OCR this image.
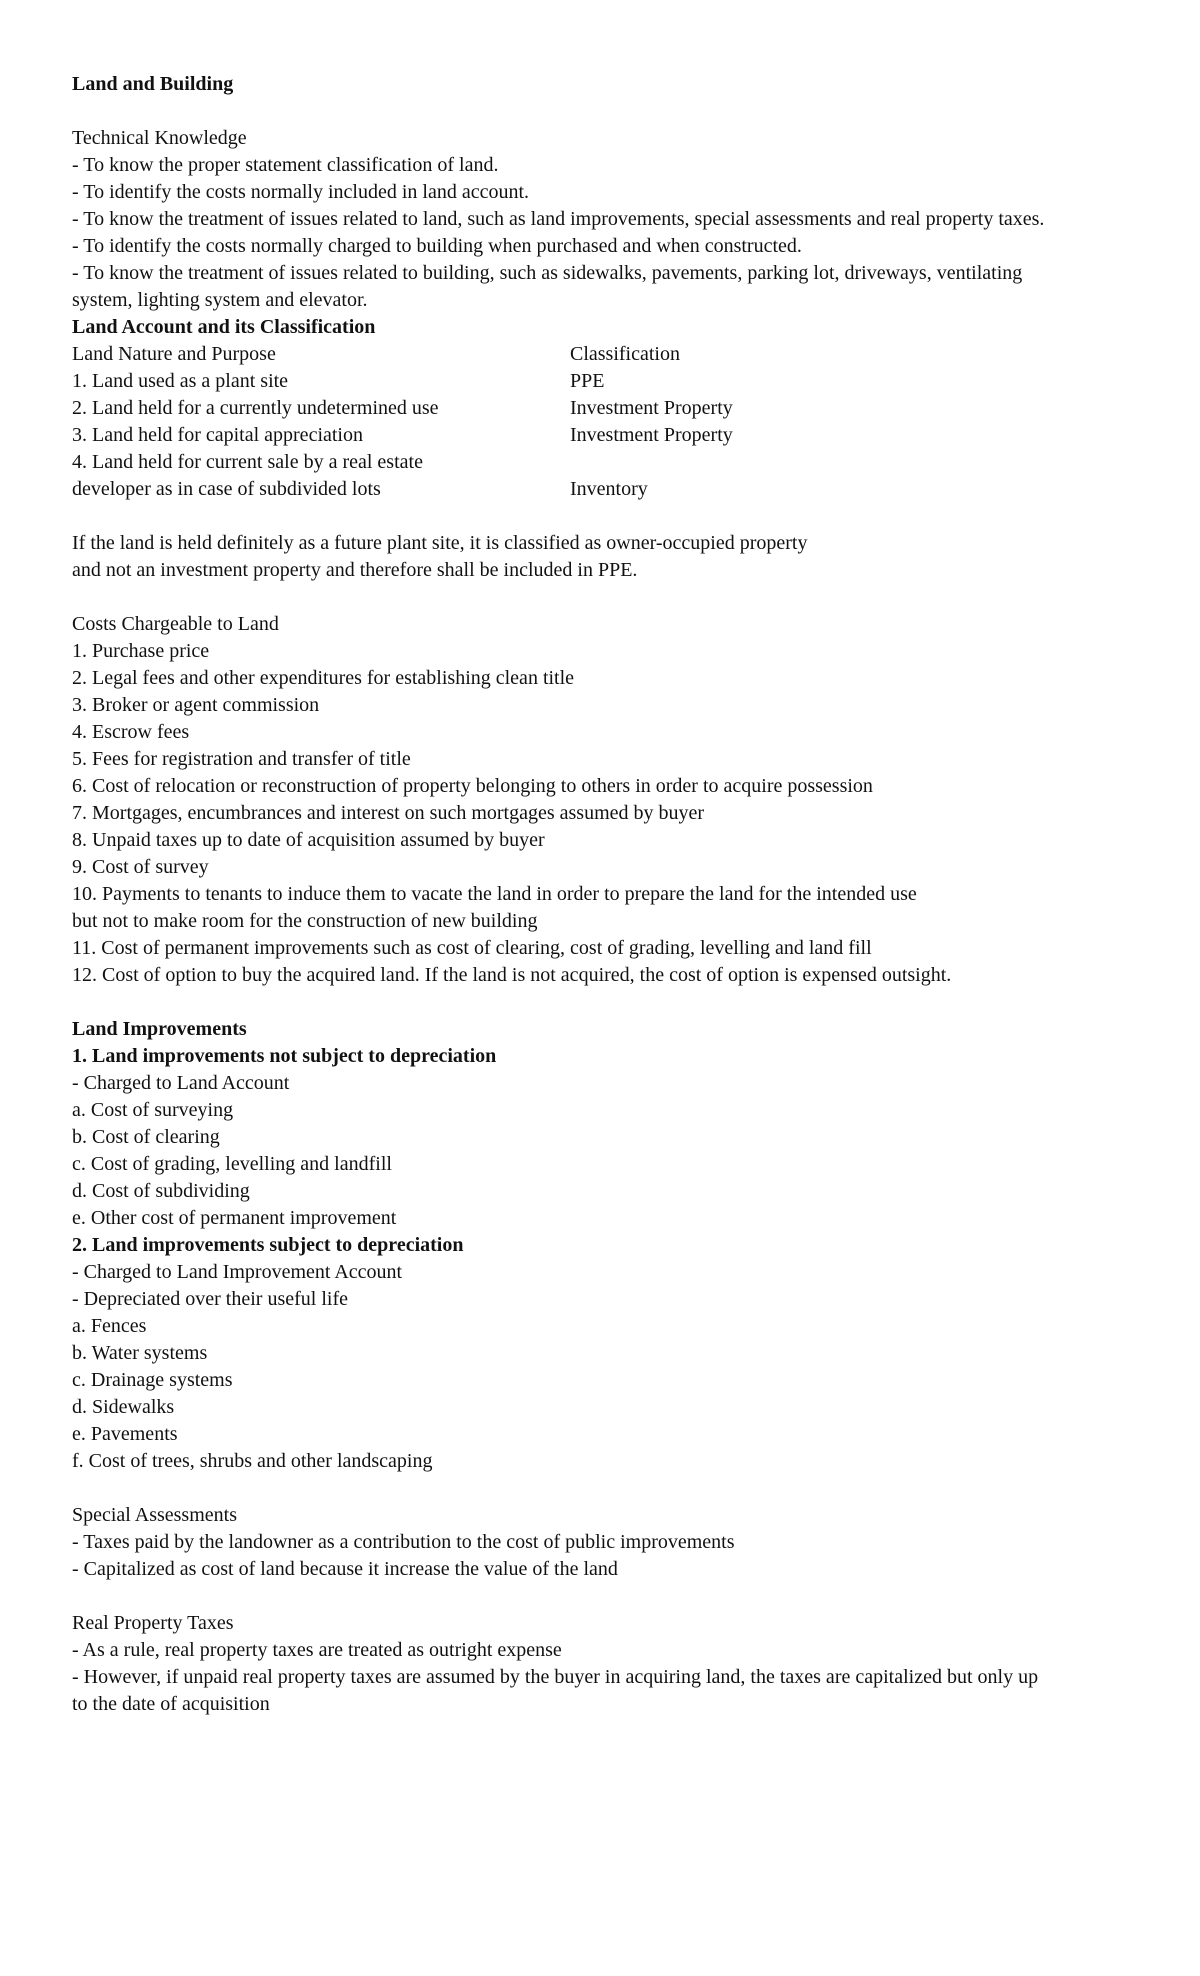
Land and Building
Technical Knowledge
- To know the proper statement classification of land.
- To identify the costs normally included in land account.
- To know the treatment of issues related to land, such as land improvements, special assessments and real property taxes.
- To identify the costs normally charged to building when purchased and when constructed.
- To know the treatment of issues related to building, such as sidewalks, pavements, parking lot, driveways, ventilating
system, lighting system and elevator.
Land Account and its Classification
Land Nature and Purpose	Classification
1. Land used as a plant site	PPE
2. Land held for a currently undetermined use	Investment Property
3. Land held for capital appreciation	Investment Property
4. Land held for current sale by a real estate
developer as in case of subdivided lots	Inventory
If the land is held definitely as a future plant site, it is classified as owner-occupied property
and not an investment property and therefore shall be included in PPE.
Costs Chargeable to Land
1. Purchase price
2. Legal fees and other expenditures for establishing clean title
3. Broker or agent commission
4. Escrow fees
5. Fees for registration and transfer of title
6. Cost of relocation or reconstruction of property belonging to others in order to acquire possession
7. Mortgages, encumbrances and interest on such mortgages assumed by buyer
8. Unpaid taxes up to date of acquisition assumed by buyer
9. Cost of survey
10. Payments to tenants to induce them to vacate the land in order to prepare the land for the intended use
but not to make room for the construction of new building
11. Cost of permanent improvements such as cost of clearing, cost of grading, levelling and land fill
12. Cost of option to buy the acquired land. If the land is not acquired, the cost of option is expensed outsight.
Land Improvements
1. Land improvements not subject to depreciation
- Charged to Land Account
a. Cost of surveying
b. Cost of clearing
c. Cost of grading, levelling and landfill
d. Cost of subdividing
e. Other cost of permanent improvement
2. Land improvements subject to depreciation
- Charged to Land Improvement Account
- Depreciated over their useful life
a. Fences
b. Water systems
c. Drainage systems
d. Sidewalks
e. Pavements
f. Cost of trees, shrubs and other landscaping
Special Assessments
- Taxes paid by the landowner as a contribution to the cost of public improvements
- Capitalized as cost of land because it increase the value of the land
Real Property Taxes
- As a rule, real property taxes are treated as outright expense
- However, if unpaid real property taxes are assumed by the buyer in acquiring land, the taxes are capitalized but only up
to the date of acquisition
